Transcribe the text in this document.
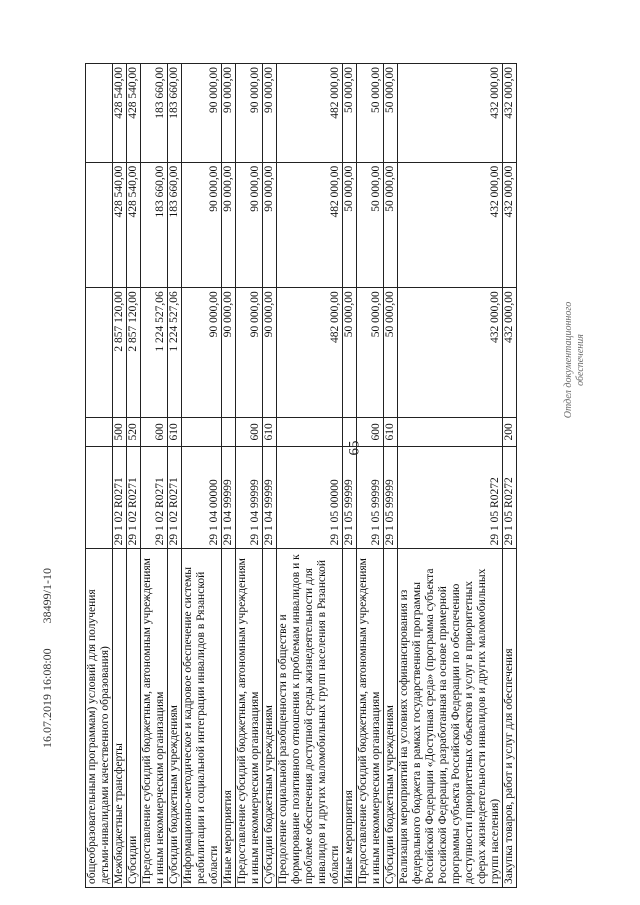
65
Отдел документационного обеспечения
16.07.2019 16:08:00 38499/1-10	общеобразовательным программам) условий для получения детьми-инвалидами качественного образования)					
Межбюджетные трансферты	29 1 02 R0271	500	2 857 120,00	428 540,00	428 540,00
Субсидии	29 1 02 R0271	520	2 857 120,00	428 540,00	428 540,00
Предоставление субсидий бюджетным, автономным учреждениям и иным некоммерческим организациям	29 1 02 R0271	600	1 224 527,06	183 660,00	183 660,00
Субсидии бюджетным учреждениям	29 1 02 R0271	610	1 224 527,06	183 660,00	183 660,00
Информационно-методическое и кадровое обеспечение системы реабилитации и социальной интеграции инвалидов в Рязанской области	29 1 04 00000		90 000,00	90 000,00	90 000,00
Иные мероприятия	29 1 04 99999		90 000,00	90 000,00	90 000,00
Предоставление субсидий бюджетным, автономным учреждениям и иным некоммерческим организациям	29 1 04 99999	600	90 000,00	90 000,00	90 000,00
Субсидии бюджетным учреждениям	29 1 04 99999	610	90 000,00	90 000,00	90 000,00
Преодоление социальной разобщенности в обществе и формирование позитивного отношения к проблемам инвалидов и к проблеме обеспечения доступной среды жизнедеятельности для инвалидов и других маломобильных групп населения в Рязанской области	29 1 05 00000		482 000,00	482 000,00	482 000,00
Иные мероприятия	29 1 05 99999		50 000,00	50 000,00	50 000,00
Предоставление субсидий бюджетным, автономным учреждениям и иным некоммерческим организациям	29 1 05 99999	600	50 000,00	50 000,00	50 000,00
Субсидии бюджетным учреждениям	29 1 05 99999	610	50 000,00	50 000,00	50 000,00
Реализация мероприятий на условиях софинансирования из федерального бюджета в рамках государственной программы Российской Федерации «Доступная среда» (программа субъекта Российской Федерации, разработанная на основе примерной программы субъекта Российской Федерации по обеспечению доступности приоритетных объектов и услуг в приоритетных сферах жизнедеятельности инвалидов и других маломобильных групп населения)	29 1 05 R0272		432 000,00	432 000,00	432 000,00
Закупка товаров, работ и услуг для обеспечения	29 1 05 R0272	200	432 000,00	432 000,00	432 000,00
